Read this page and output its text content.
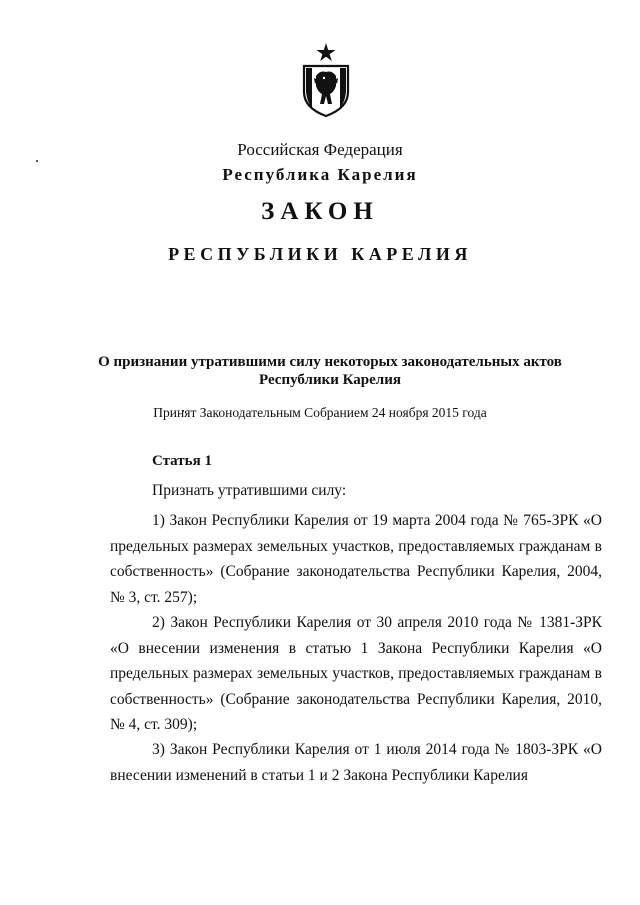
Российская Федерация
Республика Карелия
ЗАКОН
РЕСПУБЛИКИ КАРЕЛИЯ
О признании утратившими силу некоторых законодательных актов Республики Карелия
Принят Законодательным Собранием 24 ноября 2015 года
Статья 1
Признать утратившими силу:
1) Закон Республики Карелия от 19 марта 2004 года № 765-ЗРК «О предельных размерах земельных участков, предоставляемых гражданам в собственность» (Собрание законодательства Республики Карелия, 2004, № 3, ст. 257);
2) Закон Республики Карелия от 30 апреля 2010 года № 1381-ЗРК «О внесении изменения в статью 1 Закона Республики Карелия «О предельных размерах земельных участков, предоставляемых гражданам в собственность» (Собрание законодательства Республики Карелия, 2010, № 4, ст. 309);
3) Закон Республики Карелия от 1 июля 2014 года № 1803-ЗРК «О внесении изменений в статьи 1 и 2 Закона Республики Карелия
